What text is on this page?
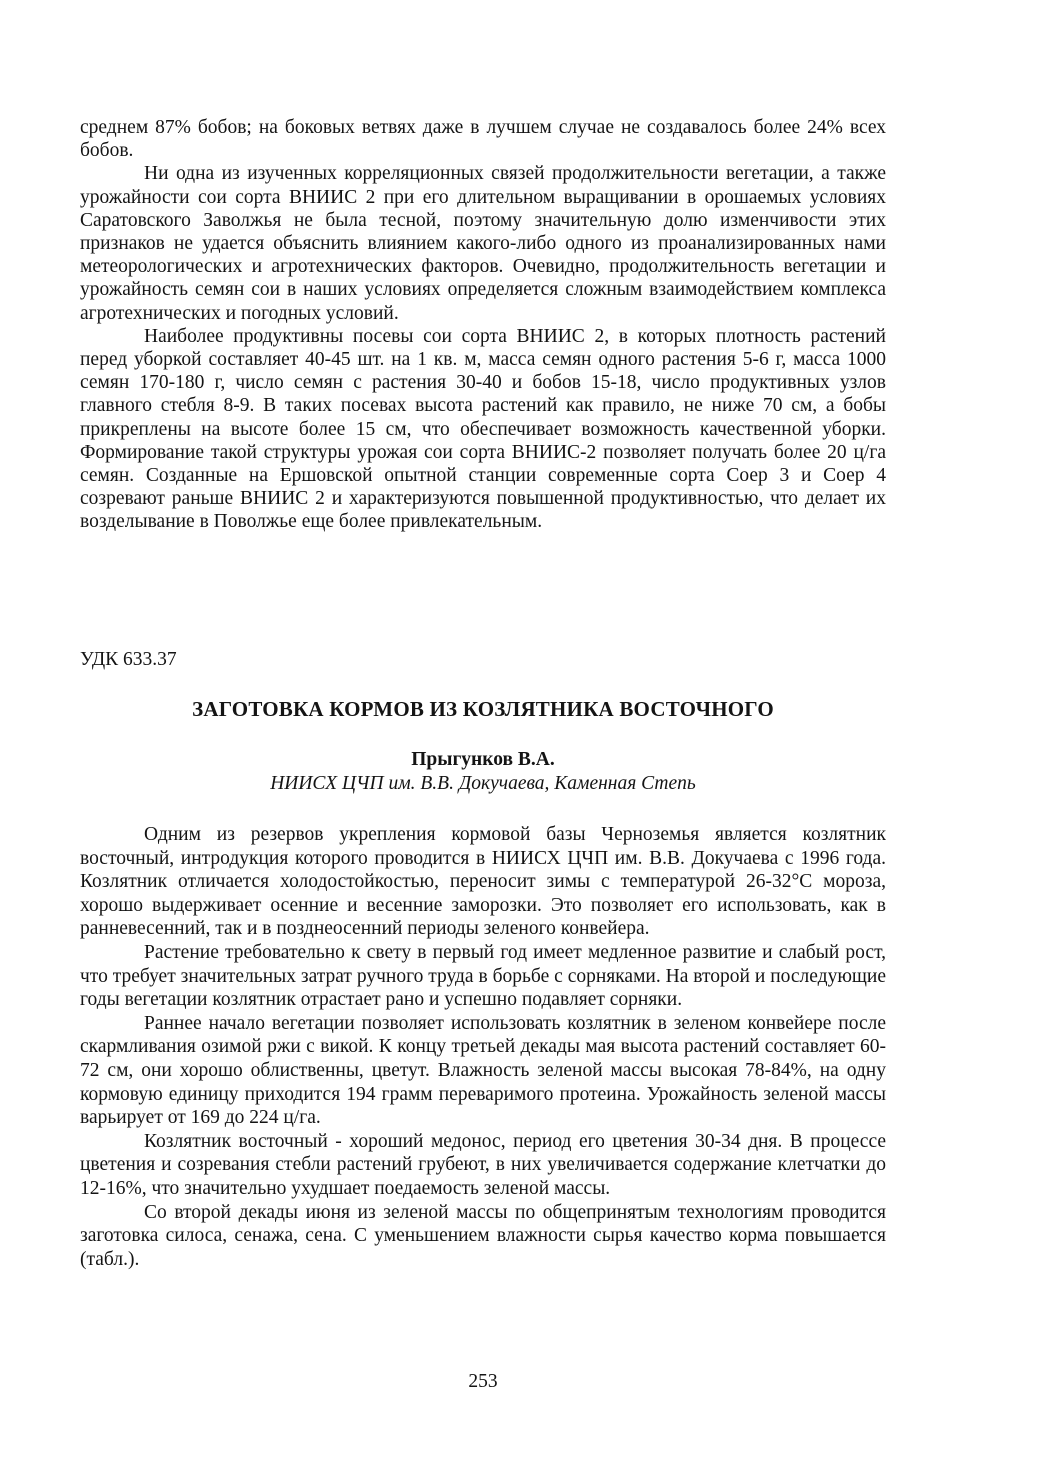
среднем 87% бобов; на боковых ветвях даже в лучшем случае не создавалось более 24% всех бобов.

Ни одна из изученных корреляционных связей продолжительности вегетации, а также урожайности сои сорта ВНИИС 2 при его длительном выращивании в орошаемых условиях Саратовского Заволжья не была тесной, поэтому значительную долю изменчивости этих признаков не удается объяснить влиянием какого-либо одного из проанализированных нами метеорологических и агротехнических факторов. Очевидно, продолжительность вегетации и урожайность семян сои в наших условиях определяется сложным взаимодействием комплекса агротехнических и погодных условий.

Наиболее продуктивны посевы сои сорта ВНИИС 2, в которых плотность растений перед уборкой составляет 40-45 шт. на 1 кв. м, масса семян одного растения 5-6 г, масса 1000 семян 170-180 г, число семян с растения 30-40 и бобов 15-18, число продуктивных узлов главного стебля 8-9. В таких посевах высота растений как правило, не ниже 70 см, а бобы прикреплены на высоте более 15 см, что обеспечивает возможность качественной уборки. Формирование такой структуры урожая сои сорта ВНИИС-2 позволяет получать более 20 ц/га семян. Созданные на Ершовской опытной станции современные сорта Соер 3 и Соер 4 созревают раньше ВНИИС 2 и характеризуются повышенной продуктивностью, что делает их возделывание в Поволжье еще более привлекательным.

УДК 633.37
ЗАГОТОВКА КОРМОВ ИЗ КОЗЛЯТНИКА ВОСТОЧНОГО
Прыгунков В.А.
НИИСХ ЦЧП им. В.В. Докучаева, Каменная Степь

Одним из резервов укрепления кормовой базы Черноземья является козлятник восточный, интродукция которого проводится в НИИСХ ЦЧП им. В.В. Докучаева с 1996 года. Козлятник отличается холодостойкостью, переносит зимы с температурой 26-32°С мороза, хорошо выдерживает осенние и весенние заморозки. Это позволяет его использовать, как в ранневесенний, так и в позднеосенний периоды зеленого конвейера.

Растение требовательно к свету в первый год имеет медленное развитие и слабый рост, что требует значительных затрат ручного труда в борьбе с сорняками. На второй и последующие годы вегетации козлятник отрастает рано и успешно подавляет сорняки.

Раннее начало вегетации позволяет использовать козлятник в зеленом конвейере после скармливания озимой ржи с викой. К концу третьей декады мая высота растений составляет 60-72 см, они хорошо облиственны, цветут. Влажность зеленой массы высокая 78-84%, на одну кормовую единицу приходится 194 грамм переваримого протеина. Урожайность зеленой массы варьирует от 169 до 224 ц/га.

Козлятник восточный - хороший медонос, период его цветения 30-34 дня. В процессе цветения и созревания стебли растений грубеют, в них увеличивается содержание клетчатки до 12-16%, что значительно ухудшает поедаемость зеленой массы.

Со второй декады июня из зеленой массы по общепринятым технологиям проводится заготовка силоса, сенажа, сена. С уменьшением влажности сырья качество корма повышается (табл.).

253
